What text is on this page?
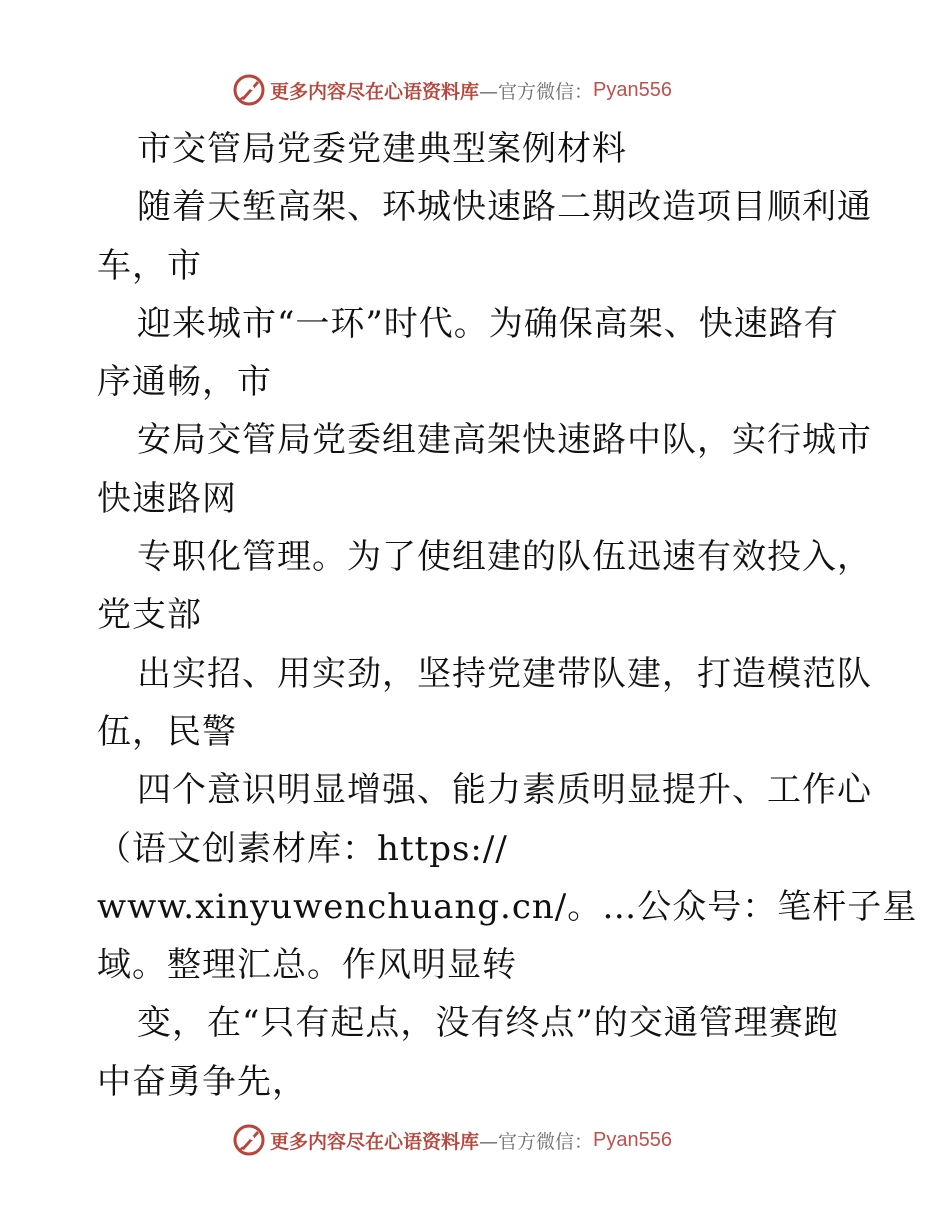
更多内容尽在心语资料库 —官方微信： Pyan556

市交管局党委党建典型案例材料

随着天堑高架、环城快速路二期改造项目顺利通

车，市

迎来城市“一环”时代。为确保高架、快速路有

序通畅，市

安局交管局党委组建高架快速路中队，实行城市

快速路网

专职化管理。为了使组建的队伍迅速有效投入，

党支部

出实招、用实劲，坚持党建带队建，打造模范队

伍，民警

四个意识明显增强、能力素质明显提升、工作心

（语文创素材库：https://

www.xinyuwenchuang.cn/。…公众号：笔杆子星

域。整理汇总。作风明显转

变，在“只有起点，没有终点”的交通管理赛跑

中奋勇争先，

更多内容尽在心语资料库 —官方微信： Pyan556
